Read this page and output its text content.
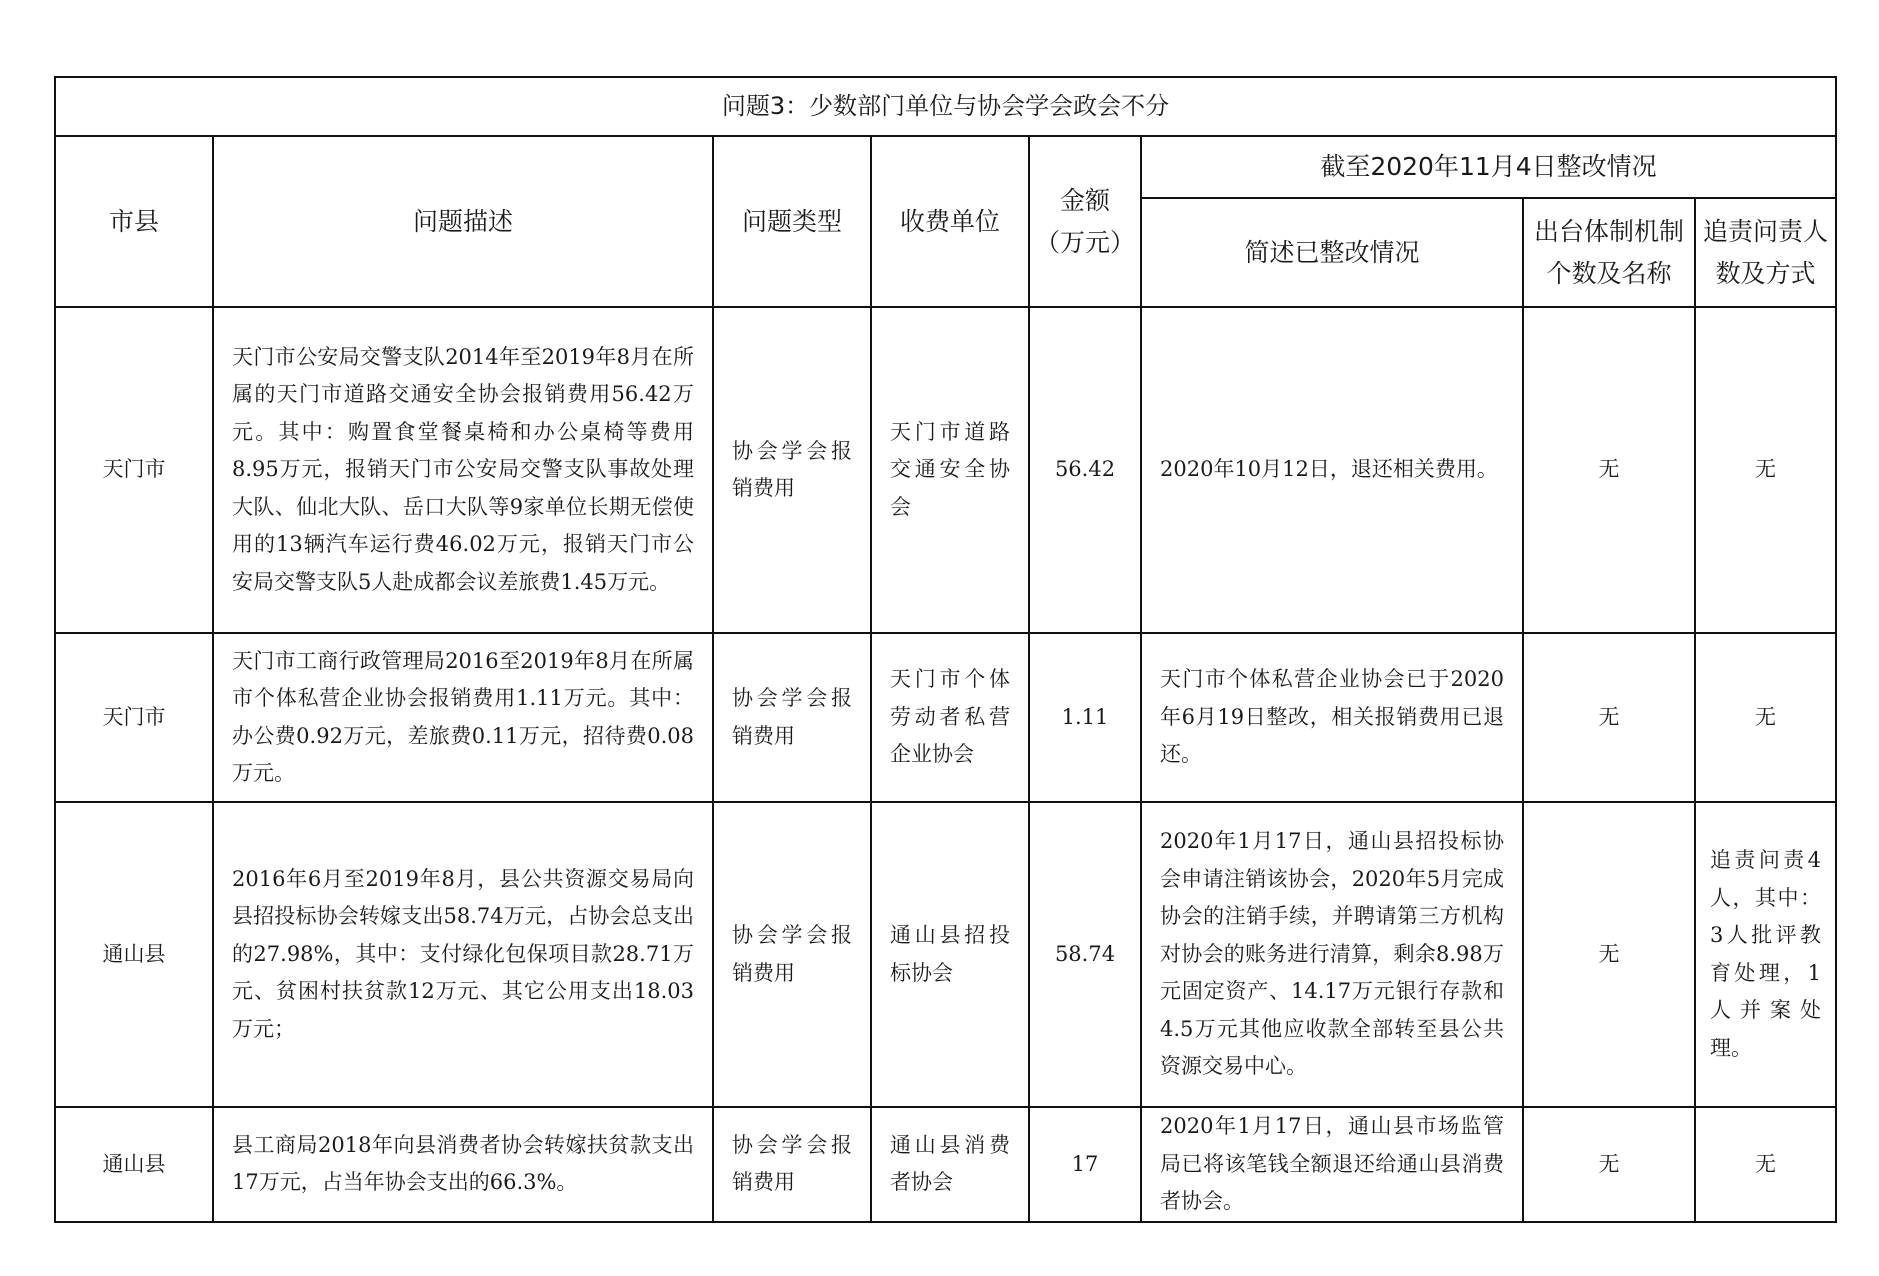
问题3：少数部门单位与协会学会政会不分							
市县	问题描述	问题类型	收费单位	金额
（万元）	截至2020年11月4日整改情况		
					简述已整改情况	出台体制机制个数及名称	追责问责人数及方式
天门市	天门市公安局交警支队2014年至2019年8月在所属的天门市道路交通安全协会报销费用56.42万元。其中：购置食堂餐桌椅和办公桌椅等费用8.95万元，报销天门市公安局交警支队事故处理大队、仙北大队、岳口大队等9家单位长期无偿使用的13辆汽车运行费46.02万元，报销天门市公安局交警支队5人赴成都会议差旅费1.45万元。	协会学会报销费用	天门市道路交通安全协会	56.42	2020年10月12日，退还相关费用。	无	无
天门市	天门市工商行政管理局2016至2019年8月在所属市个体私营企业协会报销费用1.11万元。其中：办公费0.92万元，差旅费0.11万元，招待费0.08万元。	协会学会报销费用	天门市个体劳动者私营企业协会	1.11	天门市个体私营企业协会已于2020年6月19日整改，相关报销费用已退还。	无	无
通山县	2016年6月至2019年8月，县公共资源交易局向县招投标协会转嫁支出58.74万元，占协会总支出的27.98%，其中：支付绿化包保项目款28.71万元、贫困村扶贫款12万元、其它公用支出18.03万元；	协会学会报销费用	通山县招投标协会	58.74	2020年1月17日，通山县招投标协会申请注销该协会，2020年5月完成协会的注销手续，并聘请第三方机构对协会的账务进行清算，剩余8.98万元固定资产、14.17万元银行存款和4.5万元其他应收款全部转至县公共资源交易中心。	无	追责问责4人，其中：3人批评教育处理，1人并案处理。
通山县	县工商局2018年向县消费者协会转嫁扶贫款支出17万元，占当年协会支出的66.3%。	协会学会报销费用	通山县消费者协会	17	2020年1月17日，通山县市场监管局已将该笔钱全额退还给通山县消费者协会。	无	无
